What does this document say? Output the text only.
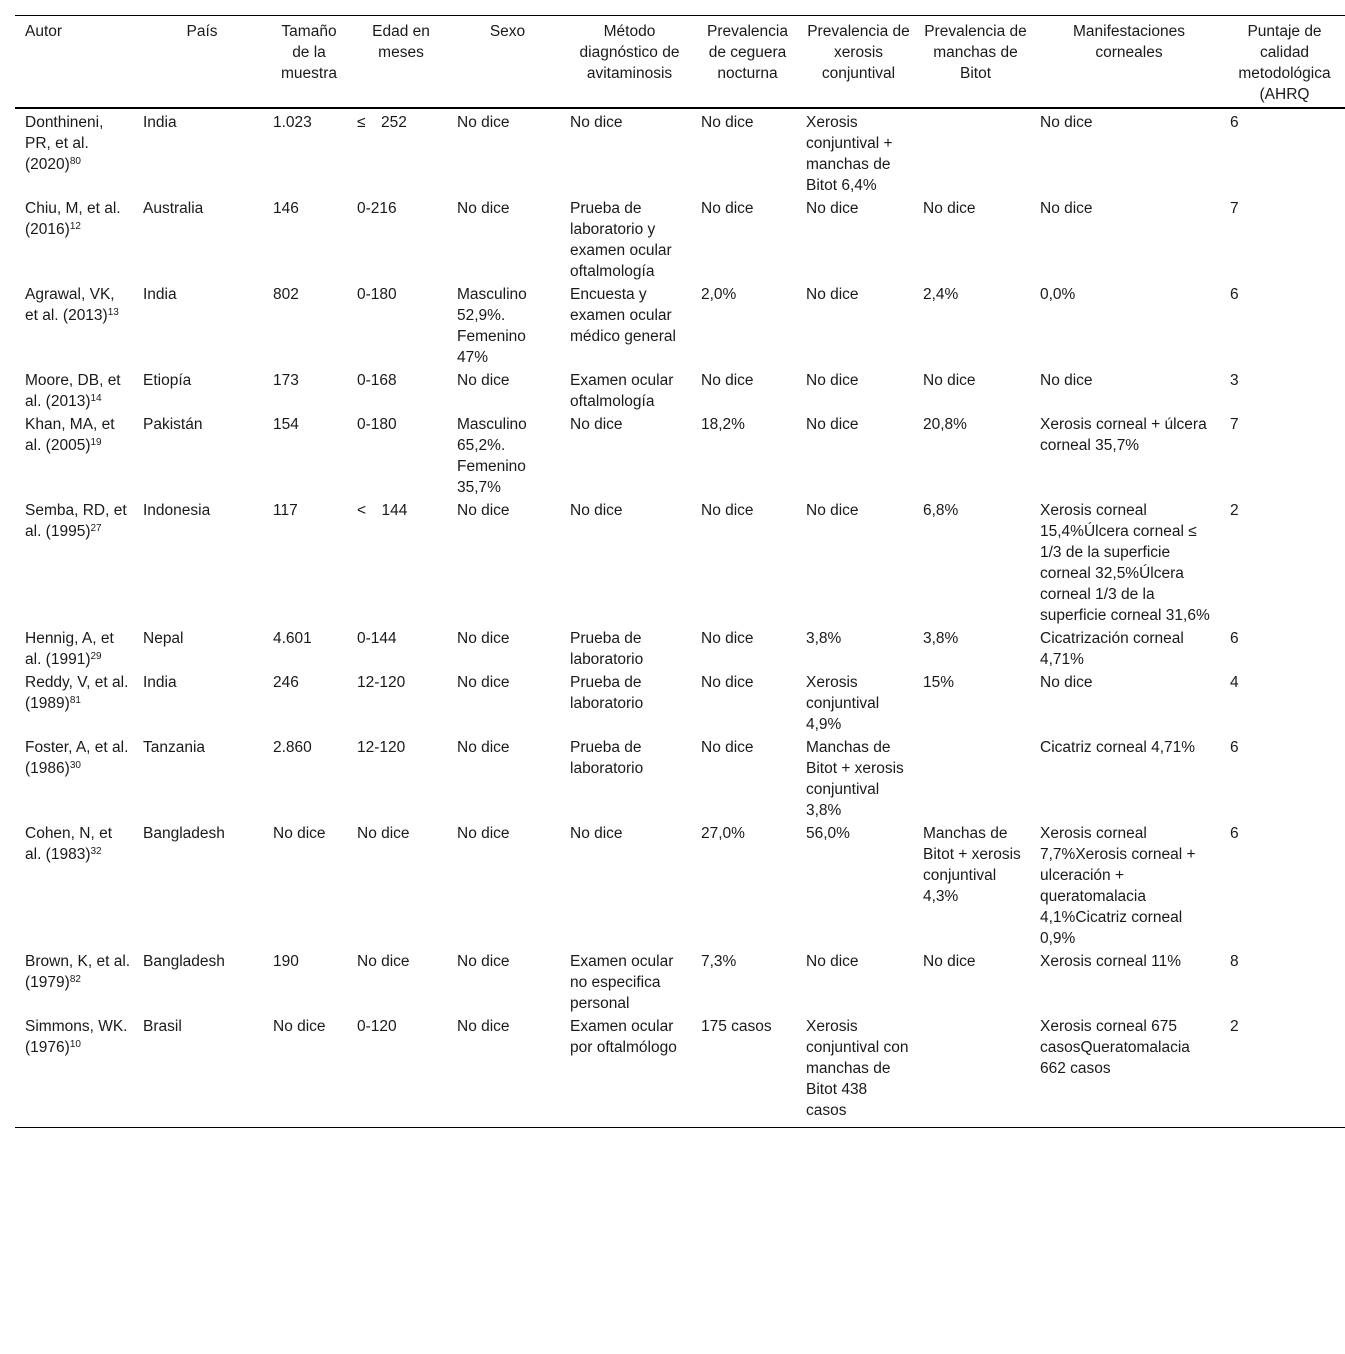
Autor	País	Tamaño de la muestra	Edad en meses	Sexo	Método diagnóstico de avitaminosis	Prevalencia de ceguera nocturna	Prevalencia de xerosis conjuntival	Prevalencia de manchas de Bitot	Manifestaciones corneales	Puntaje de calidad metodológica (AHRQ
Donthineni, PR, et al. $(2020)^{80}$	India	1.023	≤ 252	No dice	No dice	No dice	Xerosis conjuntival + manchas de Bitot 6,4%		No dice	6
Chiu, M, et al. $(2016)^{12}$	Australia	146	0-216	No dice	Prueba de laboratorio y examen ocular oftalmología	No dice	No dice	No dice	No dice	7
Agrawal, VK, et al. $(2013)^{13}$	India	802	0-180	Masculino 52,9%. Femenino 47%	Encuesta y examen ocular médico general	2,0%	No dice	2,4%	0,0%	6
Moore, DB, et al. $(2013)^{14}$	Etiopía	173	0-168	No dice	Examen ocular oftalmología	No dice	No dice	No dice	No dice	3
Khan, MA, et al. $(2005)^{19}$	Pakistán	154	0-180	Masculino 65,2%. Femenino 35,7%	No dice	18,2%	No dice	20,8%	Xerosis corneal + úlcera corneal 35,7%	7
Semba, RD, et al. $(1995)^{27}$	Indonesia	117	< 144	No dice	No dice	No dice	No dice	6,8%	Xerosis corneal 15,4%Úlcera corneal ≤ 1/3 de la superficie corneal 32,5%Úlcera corneal 1/3 de la superficie corneal 31,6%	2
Hennig, A, et al. $(1991)^{29}$	Nepal	4.601	0-144	No dice	Prueba de laboratorio	No dice	3,8%	3,8%	Cicatrización corneal 4,71%	6
Reddy, V, et al. $(1989)^{81}$	India	246	12-120	No dice	Prueba de laboratorio	No dice	Xerosis conjuntival 4,9%	15%	No dice	4
Foster, A, et al. $(1986)^{30}$	Tanzania	2.860	12-120	No dice	Prueba de laboratorio	No dice	Manchas de Bitot + xerosis conjuntival 3,8%		Cicatriz corneal 4,71%	6
Cohen, N, et al. $(1983)^{32}$	Bangladesh	No dice	No dice	No dice	No dice	27,0%	56,0%	Manchas de Bitot + xerosis conjuntival 4,3%	Xerosis corneal 7,7%Xerosis corneal + ulceración + queratomalacia 4,1%Cicatriz corneal 0,9%	6
Brown, K, et al. $(1979)^{82}$	Bangladesh	190	No dice	No dice	Examen ocular no especifica personal	7,3%	No dice	No dice	Xerosis corneal 11%	8
Simmons, WK. $(1976)^{10}$	Brasil	No dice	0-120	No dice	Examen ocular por oftalmólogo	175 casos	Xerosis conjuntival con manchas de Bitot 438 casos		Xerosis corneal 675 casosQueratomalacia 662 casos	2
